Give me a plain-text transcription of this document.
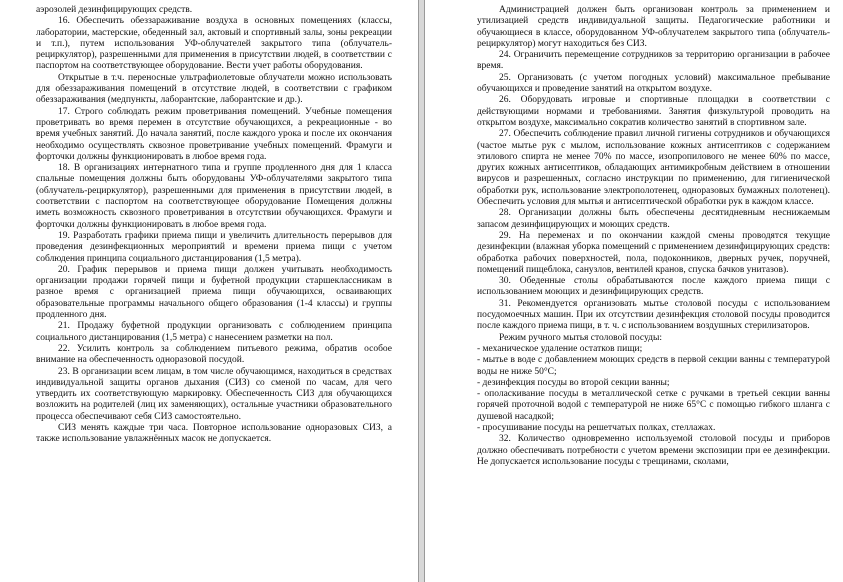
аэрозолей дезинфицирующих средств.

16. Обеспечить обеззараживание воздуха в основных помещениях (классы, лаборатории, мастерские, обеденный зал, актовый и спортивный залы, зоны рекреации и т.п.), путем использования УФ-облучателей закрытого типа (облучатель-рециркулятор), разрешенными для применения в присутствии людей, в соответствии с паспортом на соответствующее оборудование. Вести учет работы оборудования.

Открытые в т.ч. переносные ультрафиолетовые облучатели можно использовать для обеззараживания помещений в отсутствие людей, в соответствии с графиком обеззараживания (медпункты, лаборантские, лаборантские и др.).

17. Строго соблюдать режим проветривания помещений. Учебные помещения проветривать во время перемен в отсутствие обучающихся, а рекреационные - во время учебных занятий. До начала занятий, после каждого урока и после их окончания необходимо осуществлять сквозное проветривание учебных помещений. Фрамуги и форточки должны функционировать в любое время года.

18. В организациях интернатного типа и группе продленного дня для 1 класса спальные помещения должны быть оборудованы УФ-облучателями закрытого типа (облучатель-рециркулятор), разрешенными для применения в присутствии людей, в соответствии с паспортом на соответствующее оборудование Помещения должны иметь возможность сквозного проветривания в отсутствии обучающихся. Фрамуги и форточки должны функционировать в любое время года.

19. Разработать графики приема пищи и увеличить длительность перерывов для проведения дезинфекционных мероприятий и времени приема пищи с учетом соблюдения принципа социального дистанцирования (1,5 метра).

20. График перерывов и приема пищи должен учитывать необходимость организации продажи горячей пищи и буфетной продукции старшеклассникам в разное время с организацией приема пищи обучающихся, осваивающих образовательные программы начального общего образования (1-4 классы) и группы продленного дня.

21. Продажу буфетной продукции организовать с соблюдением принципа социального дистанцирования (1,5 метра) с нанесением разметки на пол.

22. Усилить контроль за соблюдением питьевого режима, обратив особое внимание на обеспеченность одноразовой посудой.

23. В организации всем лицам, в том числе обучающимся, находиться в средствах индивидуальной защиты органов дыхания (СИЗ) со сменой по часам, для чего утвердить их соответствующую маркировку. Обеспеченность СИЗ для обучающихся возложить на родителей (лиц их заменяющих), остальные участники образовательного процесса обеспечивают себя СИЗ самостоятельно.

СИЗ менять каждые три часа. Повторное использование одноразовых СИЗ, а также использование увлажнённых масок не допускается.

Администрацией должен быть организован контроль за применением и утилизацией средств индивидуальной защиты. Педагогические работники и обучающиеся в классе, оборудованном УФ-облучателем закрытого типа (облучатель-рециркулятор) могут находиться без СИЗ.

24. Ограничить перемещение сотрудников за территорию организации в рабочее время.

25. Организовать (с учетом погодных условий) максимальное пребывание обучающихся и проведение занятий на открытом воздухе.

26. Оборудовать игровые и спортивные площадки в соответствии с действующими нормами и требованиями. Занятия физкультурой проводить на открытом воздухе, максимально сократив количество занятий в спортивном зале.

27. Обеспечить соблюдение правил личной гигиены сотрудников и обучающихся (частое мытье рук с мылом, использование кожных антисептиков с содержанием этилового спирта не менее 70% по массе, изопропилового не менее 60% по массе, других кожных антисептиков, обладающих антимикробным действием в отношении вирусов и разрешенных, согласно инструкции по применению, для гигиенической обработки рук, использование электрополотенец, одноразовых бумажных полотенец). Обеспечить условия для мытья и антисептической обработки рук в каждом классе.

28. Организации должны быть обеспечены десятидневным неснижаемым запасом дезинфицирующих и моющих средств.

29. На переменах и по окончании каждой смены проводятся текущие дезинфекции (влажная уборка помещений с применением дезинфицирующих средств: обработка рабочих поверхностей, пола, подоконников, дверных ручек, поручней, помещений пищеблока, санузлов, вентилей кранов, спуска бачков унитазов).

30. Обеденные столы обрабатываются после каждого приема пищи с использованием моющих и дезинфицирующих средств.

31. Рекомендуется организовать мытье столовой посуды с использованием посудомоечных машин. При их отсутствии дезинфекция столовой посуды проводится после каждого приема пищи, в т. ч. с использованием воздушных стерилизаторов.

Режим ручного мытья столовой посуды:

- механическое удаление остатков пищи;

- мытье в воде с добавлением моющих средств в первой секции ванны с температурой воды не ниже 50°С;

- дезинфекция посуды во второй секции ванны;

- ополаскивание посуды в металлической сетке с ручками в третьей секции ванны горячей проточной водой с температурой не ниже 65°С с помощью гибкого шланга с душевой насадкой;

- просушивание посуды на решетчатых полках, стеллажах.

32. Количество одновременно используемой столовой посуды и приборов должно обеспечивать потребности с учетом времени экспозиции при ее дезинфекции. Не допускается использование посуды с трещинами, сколами,
